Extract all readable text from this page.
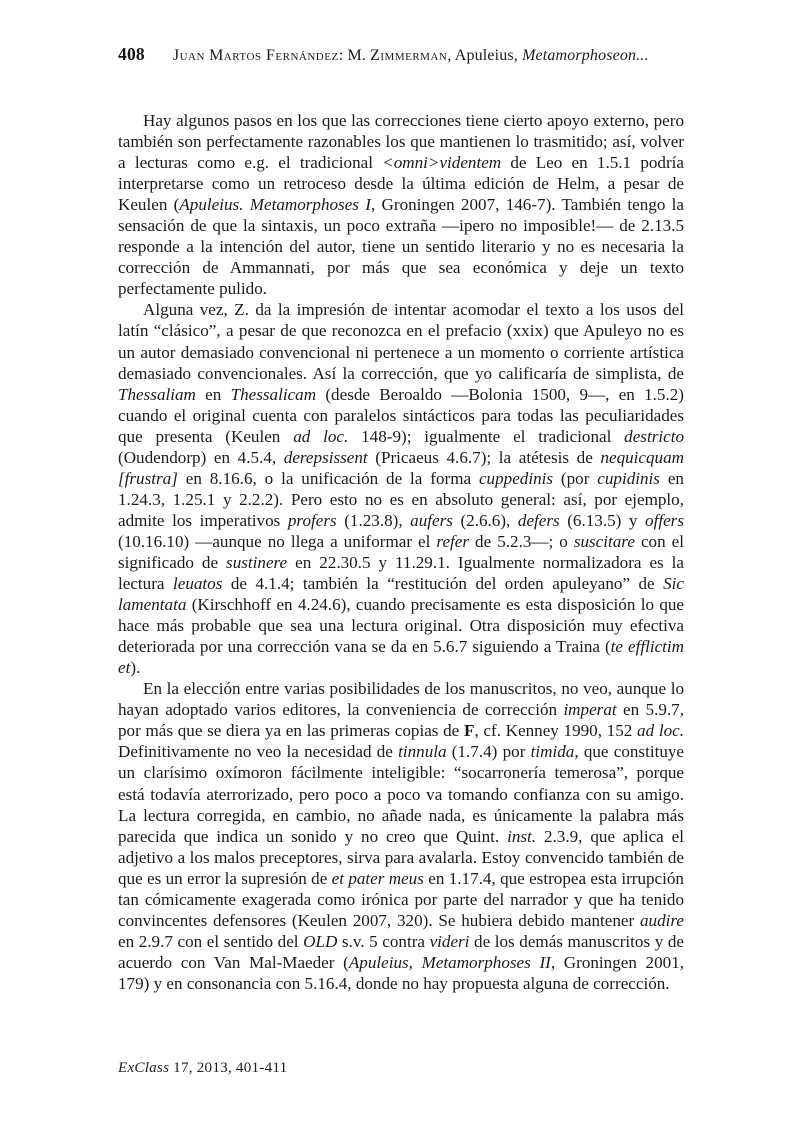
408 Juan Martos Fernández: M. Zimmerman, Apuleius, Metamorphoseon...

Hay algunos pasos en los que las correcciones tiene cierto apoyo externo, pero también son perfectamente razonables los que mantienen lo trasmitido; así, volver a lecturas como e.g. el tradicional <omni>videntem de Leo en 1.5.1 podría interpretarse como un retroceso desde la última edición de Helm, a pesar de Keulen (Apuleius. Metamorphoses I, Groningen 2007, 146-7). También tengo la sensación de que la sintaxis, un poco extraña —ipero no imposible!— de 2.13.5 responde a la intención del autor, tiene un sentido literario y no es necesaria la corrección de Ammannati, por más que sea económica y deje un texto perfectamente pulido.

Alguna vez, Z. da la impresión de intentar acomodar el texto a los usos del latín “clásico”, a pesar de que reconozca en el prefacio (xxix) que Apuleyo no es un autor demasiado convencional ni pertenece a un momento o corriente artística demasiado convencionales. Así la corrección, que yo calificaría de simplista, de Thessaliam en Thessalicam (desde Beroaldo —Bolonia 1500, 9—, en 1.5.2) cuando el original cuenta con paralelos sintácticos para todas las peculiaridades que presenta (Keulen ad loc. 148-9); igualmente el tradicional destricto (Oudendorp) en 4.5.4, derepsissent (Pricaeus 4.6.7); la atétesis de nequicquam [frustra] en 8.16.6, o la unificación de la forma cuppedinis (por cupidinis en 1.24.3, 1.25.1 y 2.2.2). Pero esto no es en absoluto general: así, por ejemplo, admite los imperativos profers (1.23.8), aufers (2.6.6), defers (6.13.5) y offers (10.16.10) —aunque no llega a uniformar el refer de 5.2.3—; o suscitare con el significado de sustinere en 22.30.5 y 11.29.1. Igualmente normalizadora es la lectura leuatos de 4.1.4; también la “restitución del orden apuleyano” de Sic lamentata (Kirschhoff en 4.24.6), cuando precisamente es esta disposición lo que hace más probable que sea una lectura original. Otra disposición muy efectiva deteriorada por una corrección vana se da en 5.6.7 siguiendo a Traina (te efflictim et).

En la elección entre varias posibilidades de los manuscritos, no veo, aunque lo hayan adoptado varios editores, la conveniencia de corrección imperat en 5.9.7, por más que se diera ya en las primeras copias de F, cf. Kenney 1990, 152 ad loc. Definitivamente no veo la necesidad de tinnula (1.7.4) por timida, que constituye un clarísimo oxímoron fácilmente inteligible: “socarronería temerosa”, porque está todavía aterrorizado, pero poco a poco va tomando confianza con su amigo. La lectura corregida, en cambio, no añade nada, es únicamente la palabra más parecida que indica un sonido y no creo que Quint. inst. 2.3.9, que aplica el adjetivo a los malos preceptores, sirva para avalarla. Estoy convencido también de que es un error la supresión de et pater meus en 1.17.4, que estropea esta irrupción tan cómicamente exagerada como irónica por parte del narrador y que ha tenido convincentes defensores (Keulen 2007, 320). Se hubiera debido mantener audire en 2.9.7 con el sentido del OLD s.v. 5 contra videri de los demás manuscritos y de acuerdo con Van Mal-Maeder (Apuleius, Metamorphoses II, Groningen 2001, 179) y en consonancia con 5.16.4, donde no hay propuesta alguna de corrección.

ExClass 17, 2013, 401-411
